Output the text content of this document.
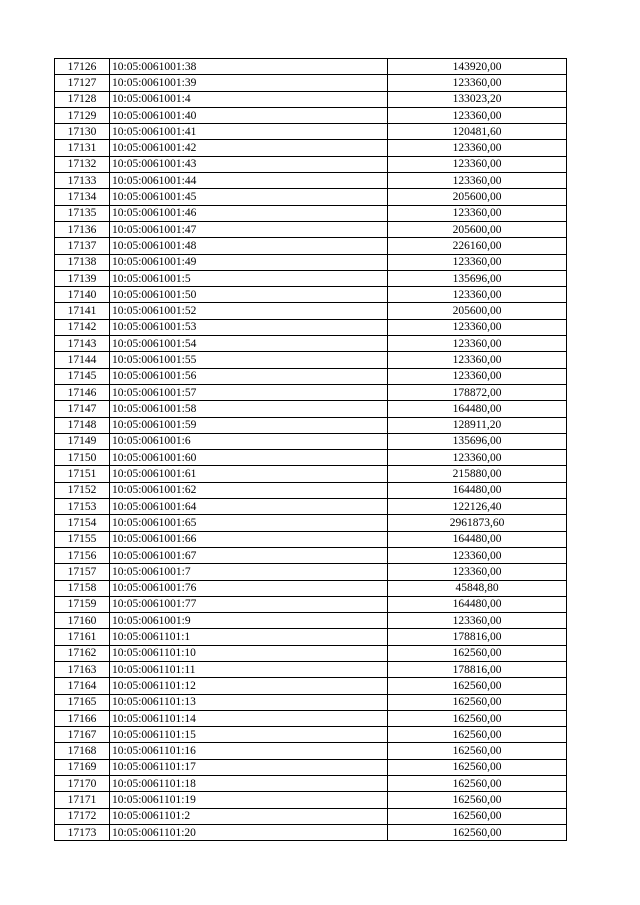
17126	10:05:0061001:38	143920,00
17127	10:05:0061001:39	123360,00
17128	10:05:0061001:4	133023,20
17129	10:05:0061001:40	123360,00
17130	10:05:0061001:41	120481,60
17131	10:05:0061001:42	123360,00
17132	10:05:0061001:43	123360,00
17133	10:05:0061001:44	123360,00
17134	10:05:0061001:45	205600,00
17135	10:05:0061001:46	123360,00
17136	10:05:0061001:47	205600,00
17137	10:05:0061001:48	226160,00
17138	10:05:0061001:49	123360,00
17139	10:05:0061001:5	135696,00
17140	10:05:0061001:50	123360,00
17141	10:05:0061001:52	205600,00
17142	10:05:0061001:53	123360,00
17143	10:05:0061001:54	123360,00
17144	10:05:0061001:55	123360,00
17145	10:05:0061001:56	123360,00
17146	10:05:0061001:57	178872,00
17147	10:05:0061001:58	164480,00
17148	10:05:0061001:59	128911,20
17149	10:05:0061001:6	135696,00
17150	10:05:0061001:60	123360,00
17151	10:05:0061001:61	215880,00
17152	10:05:0061001:62	164480,00
17153	10:05:0061001:64	122126,40
17154	10:05:0061001:65	2961873,60
17155	10:05:0061001:66	164480,00
17156	10:05:0061001:67	123360,00
17157	10:05:0061001:7	123360,00
17158	10:05:0061001:76	45848,80
17159	10:05:0061001:77	164480,00
17160	10:05:0061001:9	123360,00
17161	10:05:0061101:1	178816,00
17162	10:05:0061101:10	162560,00
17163	10:05:0061101:11	178816,00
17164	10:05:0061101:12	162560,00
17165	10:05:0061101:13	162560,00
17166	10:05:0061101:14	162560,00
17167	10:05:0061101:15	162560,00
17168	10:05:0061101:16	162560,00
17169	10:05:0061101:17	162560,00
17170	10:05:0061101:18	162560,00
17171	10:05:0061101:19	162560,00
17172	10:05:0061101:2	162560,00
17173	10:05:0061101:20	162560,00
